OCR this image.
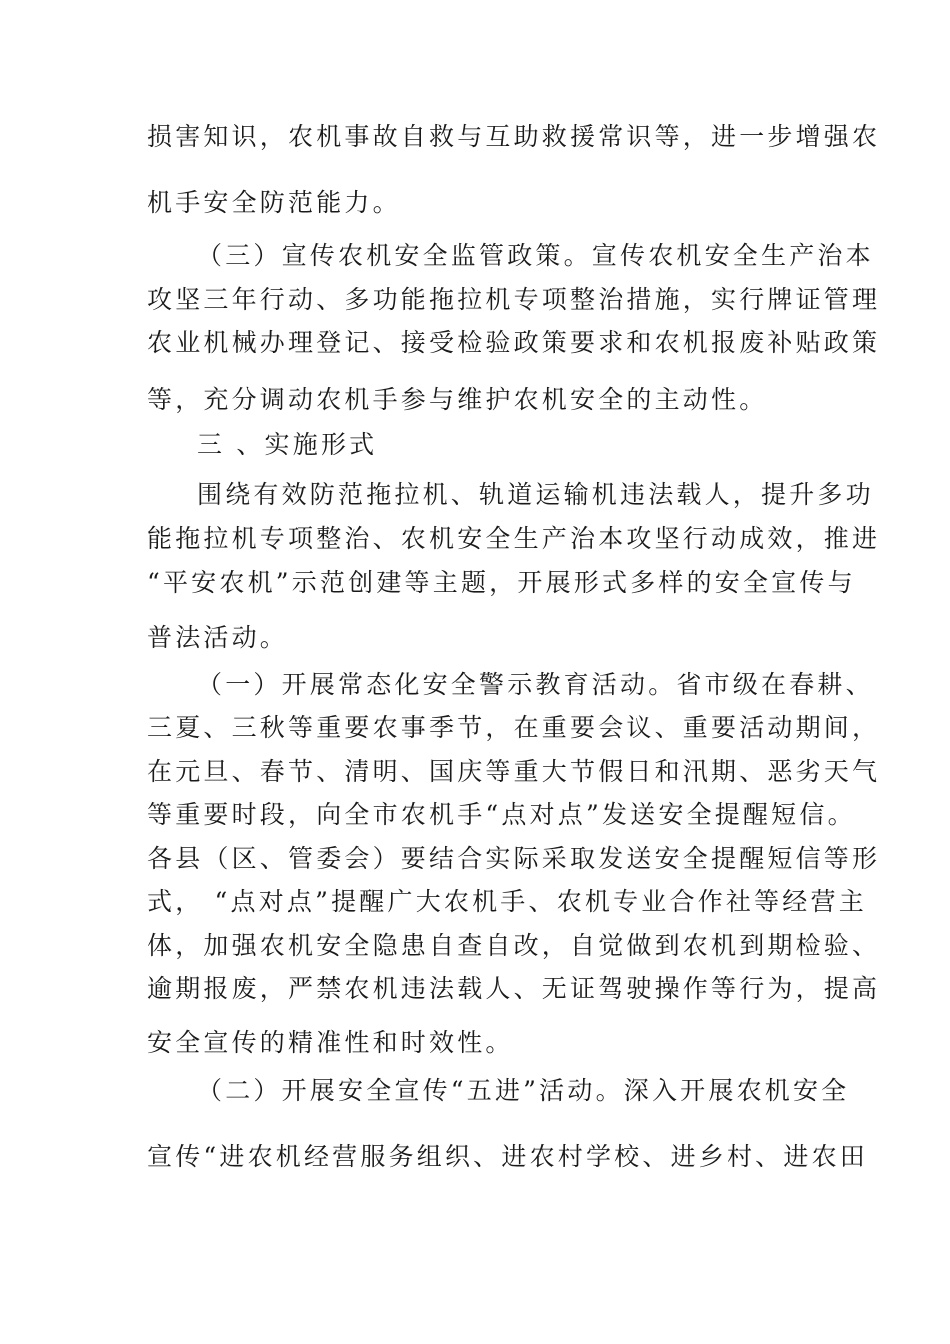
损害知识，农机事故自救与互助救援常识等，进一步增强农
机手安全防范能力。
（三）宣传农机安全监管政策。宣传农机安全生产治本
攻坚三年行动、多功能拖拉机专项整治措施，实行牌证管理
农业机械办理登记、接受检验政策要求和农机报废补贴政策
等，充分调动农机手参与维护农机安全的主动性。
三 、实施形式
围绕有效防范拖拉机、轨道运输机违法载人，提升多功
能拖拉机专项整治、农机安全生产治本攻坚行动成效，推进
“平安农机”示范创建等主题，开展形式多样的安全宣传与
普法活动。
（一）开展常态化安全警示教育活动。省市级在春耕、
三夏、三秋等重要农事季节，在重要会议、重要活动期间，
在元旦、春节、清明、国庆等重大节假日和汛期、恶劣天气
等重要时段，向全市农机手“点对点”发送安全提醒短信。
各县（区、管委会）要结合实际采取发送安全提醒短信等形
式， “点对点”提醒广大农机手、农机专业合作社等经营主
体，加强农机安全隐患自查自改，自觉做到农机到期检验、
逾期报废，严禁农机违法载人、无证驾驶操作等行为，提高
安全宣传的精准性和时效性。
（二）开展安全宣传“五进”活动。深入开展农机安全
宣传“进农机经营服务组织、进农村学校、进乡村、进农田
